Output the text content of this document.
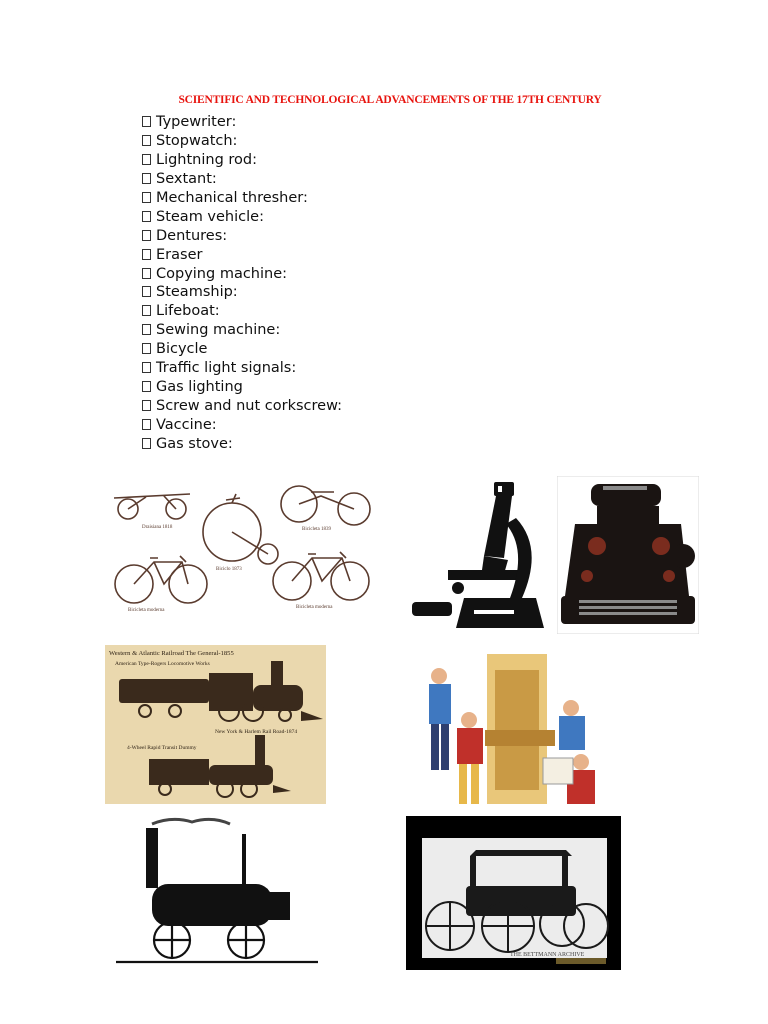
SCIENTIFIC AND TECHNOLOGICAL ADVANCEMENTS OF THE 17TH CENTURY
Typewriter:
Stopwatch:
Lightning rod:
Sextant:
Mechanical thresher:
Steam vehicle:
Dentures:
Eraser
Copying machine:
Steamship:
Lifeboat:
Sewing machine:
Bicycle
Traffic light signals:
Gas lighting
Screw and nut corkscrew:
Vaccine:
Gas stove:
Draisiana 1818
Biciclo 1873
Bicicleta 1839
Bicicleta moderna
Bicicleta moderna
Western & Atlantic Railroad The General-1855
American Type-Rogers Locomotive Works
New York & Harlem Rail Road-1874
4-Wheel Rapid Transit Dummy
THE BETTMANN ARCHIVE
